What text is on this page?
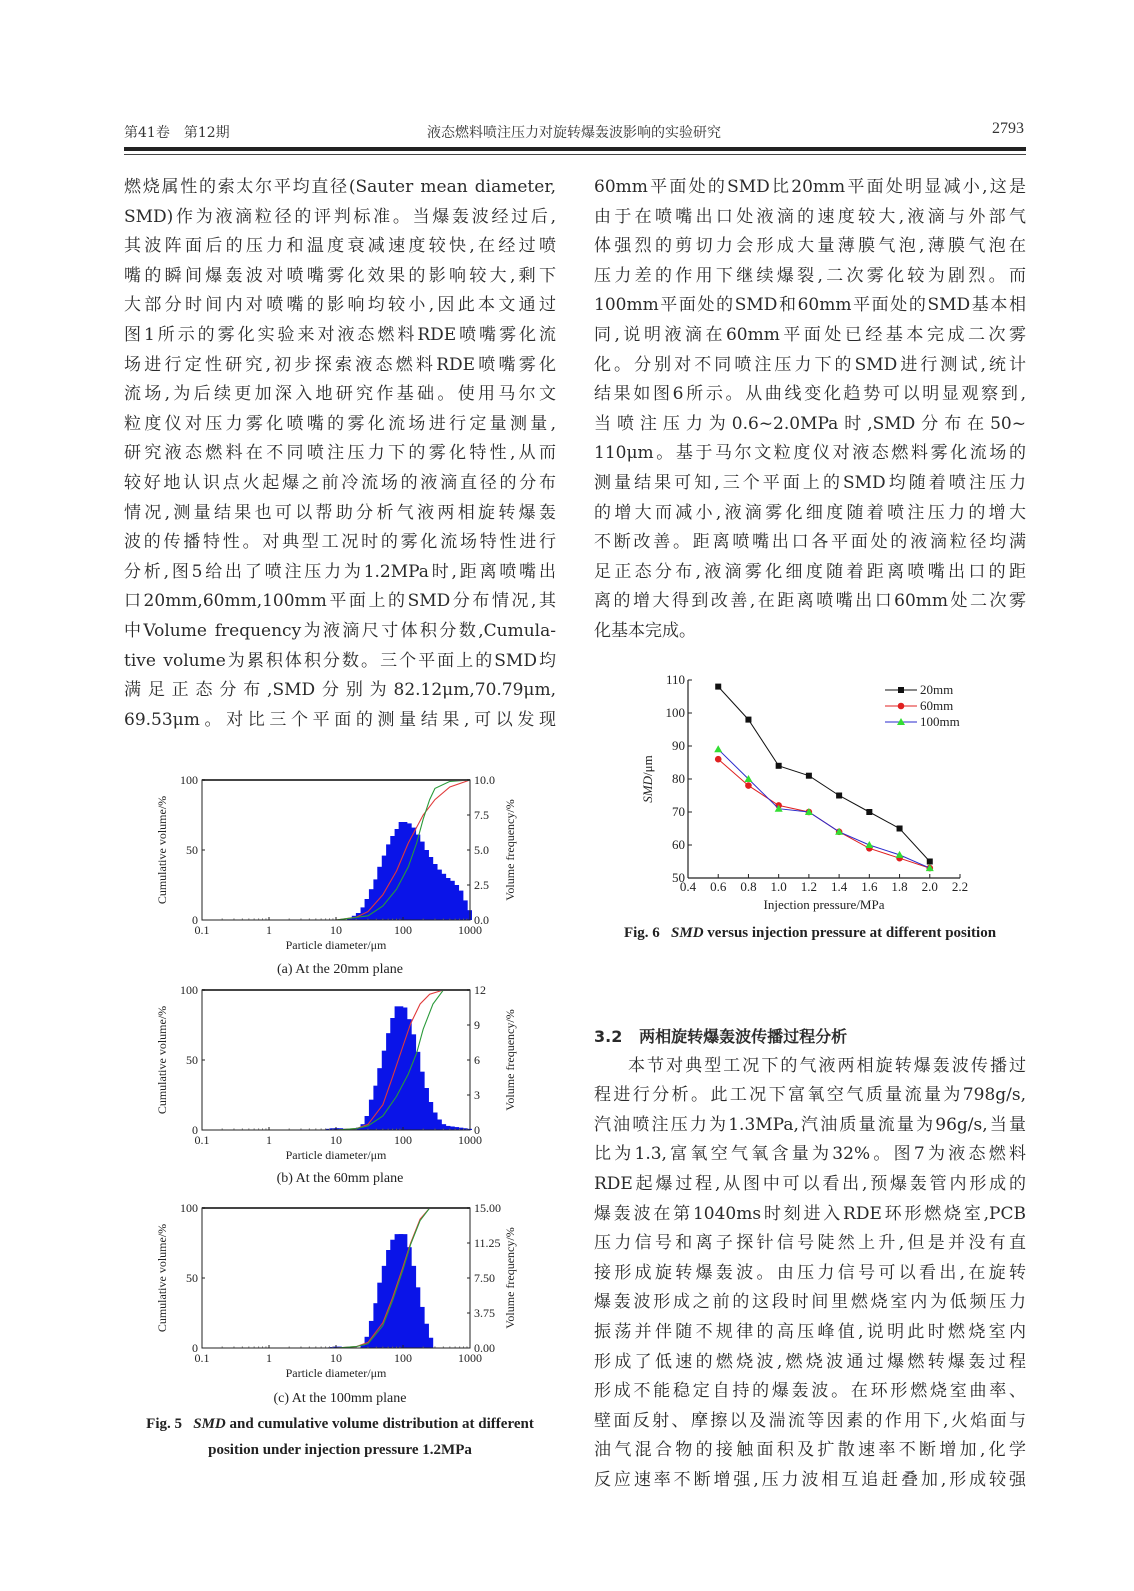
第41卷　第12期	液态燃料喷注压力对旋转爆轰波影响的实验研究	2793

燃烧属性的索太尔平均直径(Sauter mean diameter,

SMD)作为液滴粒径的评判标准。当爆轰波经过后,

其波阵面后的压力和温度衰减速度较快,在经过喷

嘴的瞬间爆轰波对喷嘴雾化效果的影响较大,剩下

大部分时间内对喷嘴的影响均较小,因此本文通过

图1所示的雾化实验来对液态燃料RDE喷嘴雾化流

场进行定性研究,初步探索液态燃料RDE喷嘴雾化

流场,为后续更加深入地研究作基础。使用马尔文

粒度仪对压力雾化喷嘴的雾化流场进行定量测量,

研究液态燃料在不同喷注压力下的雾化特性,从而

较好地认识点火起爆之前冷流场的液滴直径的分布

情况,测量结果也可以帮助分析气液两相旋转爆轰

波的传播特性。对典型工况时的雾化流场特性进行

分析,图5给出了喷注压力为1.2MPa时,距离喷嘴出

口20mm,60mm,100mm平面上的SMD分布情况,其

中Volume frequency为液滴尺寸体积分数,Cumula-

tive volume为累积体积分数。三个平面上的SMD均

满足正态分布,SMD分别为82.12μm,70.79μm,

69.53μm。对比三个平面的测量结果,可以发现

60mm平面处的SMD比20mm平面处明显减小,这是

由于在喷嘴出口处液滴的速度较大,液滴与外部气

体强烈的剪切力会形成大量薄膜气泡,薄膜气泡在

压力差的作用下继续爆裂,二次雾化较为剧烈。而

100mm平面处的SMD和60mm平面处的SMD基本相

同,说明液滴在60mm平面处已经基本完成二次雾

化。分别对不同喷注压力下的SMD进行测试,统计

结果如图6所示。从曲线变化趋势可以明显观察到,

当喷注压力为0.6~2.0MPa时,SMD分布在50~

110μm。基于马尔文粒度仪对液态燃料雾化流场的

测量结果可知,三个平面上的SMD均随着喷注压力

的增大而减小,液滴雾化细度随着喷注压力的增大

不断改善。距离喷嘴出口各平面处的液滴粒径均满

足正态分布,液滴雾化细度随着距离喷嘴出口的距

离的增大得到改善,在距离喷嘴出口60mm处二次雾

化基本完成。

3.2 两相旋转爆轰波传播过程分析

本节对典型工况下的气液两相旋转爆轰波传播过

程进行分析。此工况下富氧空气质量流量为798g/s,

汽油喷注压力为1.3MPa,汽油质量流量为96g/s,当量

比为1.3,富氧空气氧含量为32%。图7为液态燃料

RDE起爆过程,从图中可以看出,预爆轰管内形成的

爆轰波在第1040ms时刻进入RDE环形燃烧室,PCB

压力信号和离子探针信号陡然上升,但是并没有直

接形成旋转爆轰波。由压力信号可以看出,在旋转

爆轰波形成之前的这段时间里燃烧室内为低频压力

振荡并伴随不规律的高压峰值,说明此时燃烧室内

形成了低速的燃烧波,燃烧波通过爆燃转爆轰过程

形成不能稳定自持的爆轰波。在环形燃烧室曲率、

壁面反射、摩擦以及湍流等因素的作用下,火焰面与

油气混合物的接触面积及扩散速率不断增加,化学

反应速率不断增强,压力波相互追赶叠加,形成较强

0.1	1	10	100	1000
0
50
100
0.0
2.5
5.0
7.5
10.0
Particle diameter/μm
Cumulative volume/%	Volume frequency/%
0.1	1	10	100	1000
0
50
100
0
3
6
9
12
Particle diameter/μm
Cumulative volume/%	Volume frequency/%
0.1	1	10	100	1000
0
50
100
0.00
3.75
7.50
11.25
15.00
Particle diameter/μm
Cumulative volume/%	Volume frequency/%
(a) At the 20mm plane
(b) At the 60mm plane
(c) At the 100mm plane
Fig. 5 SMD and cumulative volume distribution at different
position under injection pressure 1.2MPa
0.4 0.6 0.8 1.0 1.2 1.4 1.6 1.8 2.0 2.2
50
60
70
80
90
100
110
Injection pressure/MPa
SMD/μm
20mm
60mm
100mm
Fig. 6 SMD versus injection pressure at different position
